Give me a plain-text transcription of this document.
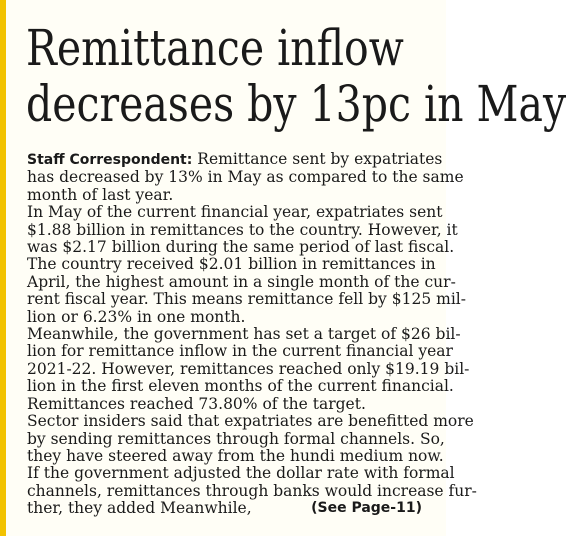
Remittance inflow
decreases by 13pc in May

Staff Correspondent: Remittance sent by expatriates

has decreased by 13% in May as compared to the same

month of last year.

In May of the current financial year, expatriates sent

$1.88 billion in remittances to the country. However, it

was $2.17 billion during the same period of last fiscal.

The country received $2.01 billion in remittances in

April, the highest amount in a single month of the cur-

rent fiscal year. This means remittance fell by $125 mil-

lion or 6.23% in one month.

Meanwhile, the government has set a target of $26 bil-

lion for remittance inflow in the current financial year

2021-22. However, remittances reached only $19.19 bil-

lion in the first eleven months of the current financial.

Remittances reached 73.80% of the target.

Sector insiders said that expatriates are benefitted more

by sending remittances through formal channels. So,

they have steered away from the hundi medium now.

If the government adjusted the dollar rate with formal

channels, remittances through banks would increase fur-

ther, they added Meanwhile,	(See Page-11)
